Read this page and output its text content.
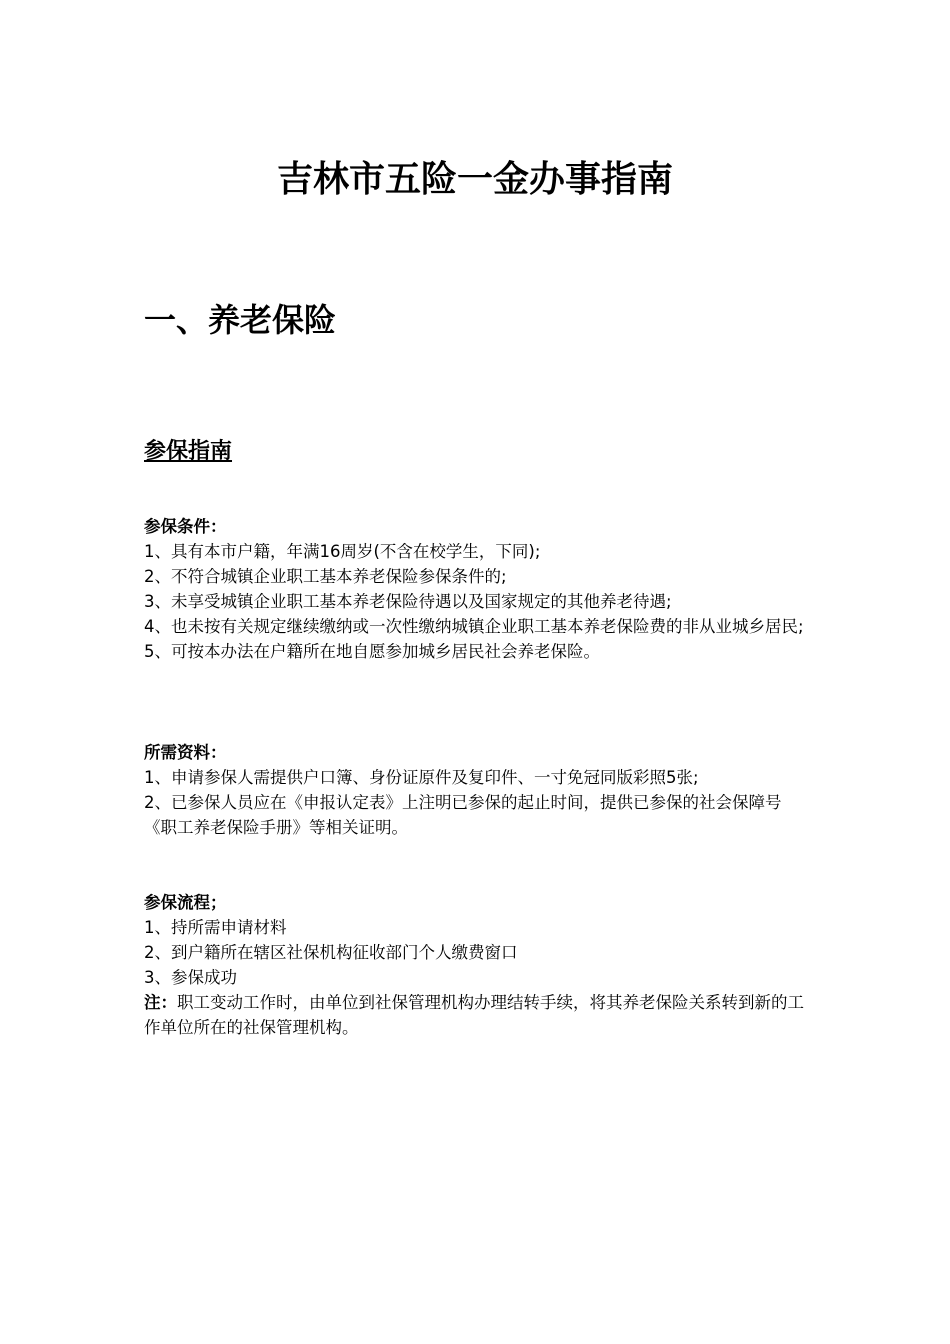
吉林市五险一金办事指南
一、养老保险
参保指南
参保条件：
1、具有本市户籍，年满16周岁(不含在校学生，下同);
2、不符合城镇企业职工基本养老保险参保条件的;
3、未享受城镇企业职工基本养老保险待遇以及国家规定的其他养老待遇;
4、也未按有关规定继续缴纳或一次性缴纳城镇企业职工基本养老保险费的非从业城乡居民;
5、可按本办法在户籍所在地自愿参加城乡居民社会养老保险。
所需资料：
1、申请参保人需提供户口簿、身份证原件及复印件、一寸免冠同版彩照5张;
2、已参保人员应在《申报认定表》上注明已参保的起止时间，提供已参保的社会保障号《职工养老保险手册》等相关证明。
参保流程；
1、持所需申请材料
2、到户籍所在辖区社保机构征收部门个人缴费窗口
3、参保成功
注：职工变动工作时，由单位到社保管理机构办理结转手续，将其养老保险关系转到新的工作单位所在的社保管理机构。
